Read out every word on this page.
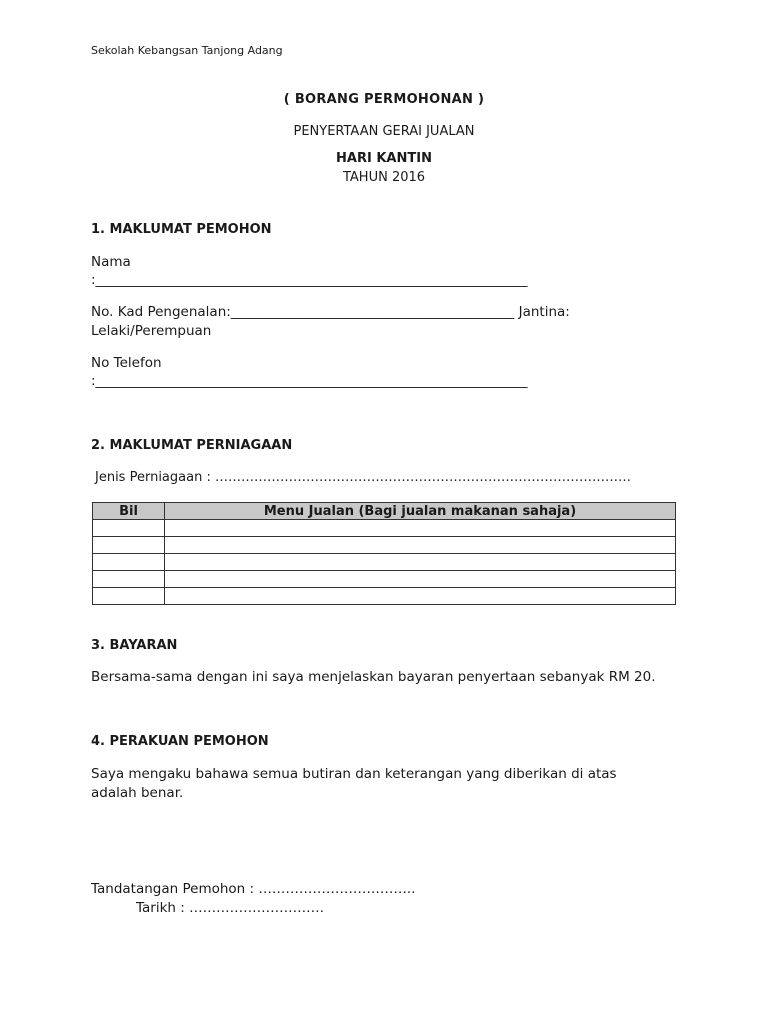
Sekolah Kebangsan Tanjong Adang
( BORANG PERMOHONAN )
PENYERTAAN GERAI JUALAN
HARI KANTIN
TAHUN 2016
1. MAKLUMAT PEMOHON
Nama
:________________________________________________________________
No. Kad Pengenalan:__________________________________________ Jantina:
Lelaki/Perempuan
No Telefon
:________________________________________________________________
2. MAKLUMAT PERNIAGAAN
Jenis Perniagaan : ……………………………………………………………………………………
Bil	Menu Jualan (Bagi jualan makanan sahaja)

3. BAYARAN
Bersama-sama dengan ini saya menjelaskan bayaran penyertaan sebanyak RM 20.
4. PERAKUAN PEMOHON
Saya mengaku bahawa semua butiran dan keterangan yang diberikan di atas
adalah benar.
Tandatangan Pemohon : ……………………………..
Tarikh : …………………………
